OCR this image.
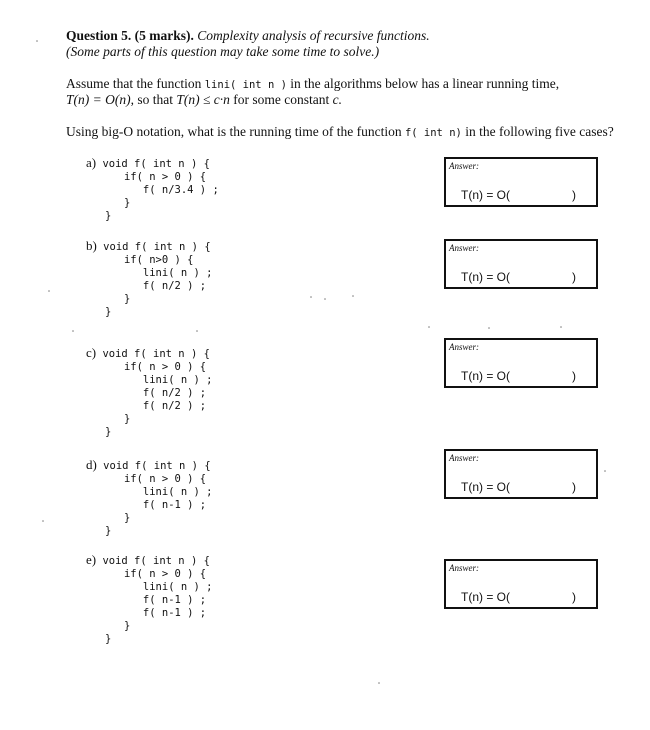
Question 5. (5 marks). Complexity analysis of recursive functions.
(Some parts of this question may take some time to solve.)
Assume that the function lini( int n ) in the algorithms below has a linear running time,
T(n) = O(n), so that T(n) ≤ c·n for some constant c.
Using big-O notation, what is the running time of the function f( int n) in the following five cases?
a) void f( int n ) {
if( n > 0 ) {
f( n/3.4 ) ;
}
}
Answer:
T(n) = O(	)
b) void f( int n ) {
if( n>0 ) {
lini( n ) ;
f( n/2 ) ;
}
}
Answer:
T(n) = O(	)
c) void f( int n ) {
if( n > 0 ) {
lini( n ) ;
f( n/2 ) ;
f( n/2 ) ;
}
}
Answer:
T(n) = O(	)
d) void f( int n ) {
if( n > 0 ) {
lini( n ) ;
f( n-1 ) ;
}
}
Answer:
T(n) = O(	)
e) void f( int n ) {
if( n > 0 ) {
lini( n ) ;
f( n-1 ) ;
f( n-1 ) ;
}
}
Answer:
T(n) = O(	)
